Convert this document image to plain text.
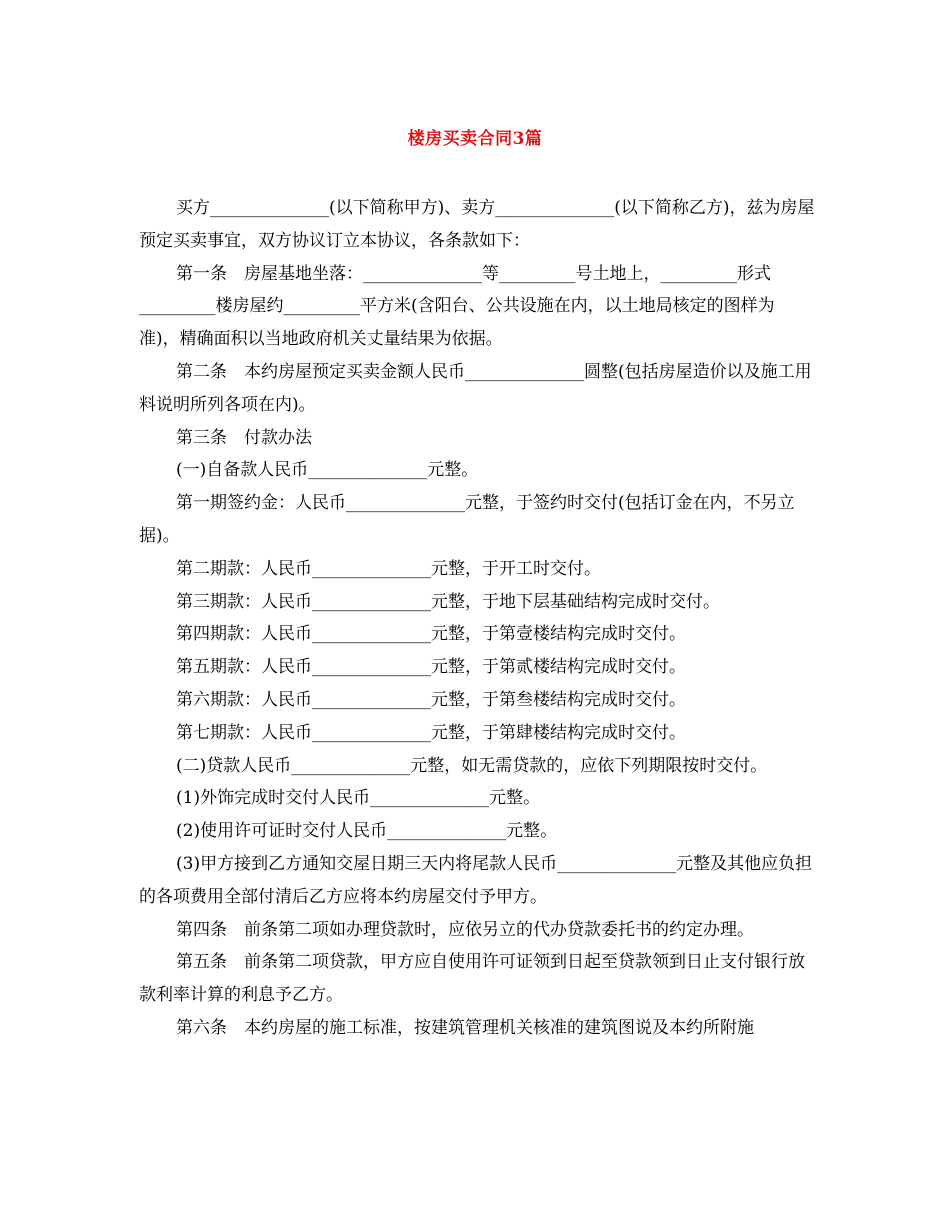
楼房买卖合同3篇

买方______________(以下简称甲方)、卖方______________(以下简称乙方)，兹为房屋预定买卖事宜，双方协议订立本协议，各条款如下：

第一条　房屋基地坐落：______________等_________号土地上，_________形式_________楼房屋约_________平方米(含阳台、公共设施在内，以土地局核定的图样为准)，精确面积以当地政府机关丈量结果为依据。

第二条　本约房屋预定买卖金额人民币______________圆整(包括房屋造价以及施工用料说明所列各项在内)。

第三条　付款办法

(一)自备款人民币______________元整。

第一期签约金：人民币______________元整，于签约时交付(包括订金在内，不另立据)。

第二期款：人民币______________元整，于开工时交付。

第三期款：人民币______________元整，于地下层基础结构完成时交付。

第四期款：人民币______________元整，于第壹楼结构完成时交付。

第五期款：人民币______________元整，于第贰楼结构完成时交付。

第六期款：人民币______________元整，于第叁楼结构完成时交付。

第七期款：人民币______________元整，于第肆楼结构完成时交付。

(二)贷款人民币______________元整，如无需贷款的，应依下列期限按时交付。

(1)外饰完成时交付人民币______________元整。

(2)使用许可证时交付人民币______________元整。

(3)甲方接到乙方通知交屋日期三天内将尾款人民币______________元整及其他应负担的各项费用全部付清后乙方应将本约房屋交付予甲方。

第四条　前条第二项如办理贷款时，应依另立的代办贷款委托书的约定办理。

第五条　前条第二项贷款，甲方应自使用许可证领到日起至贷款领到日止支付银行放款利率计算的利息予乙方。

第六条　本约房屋的施工标准，按建筑管理机关核准的建筑图说及本约所附施
